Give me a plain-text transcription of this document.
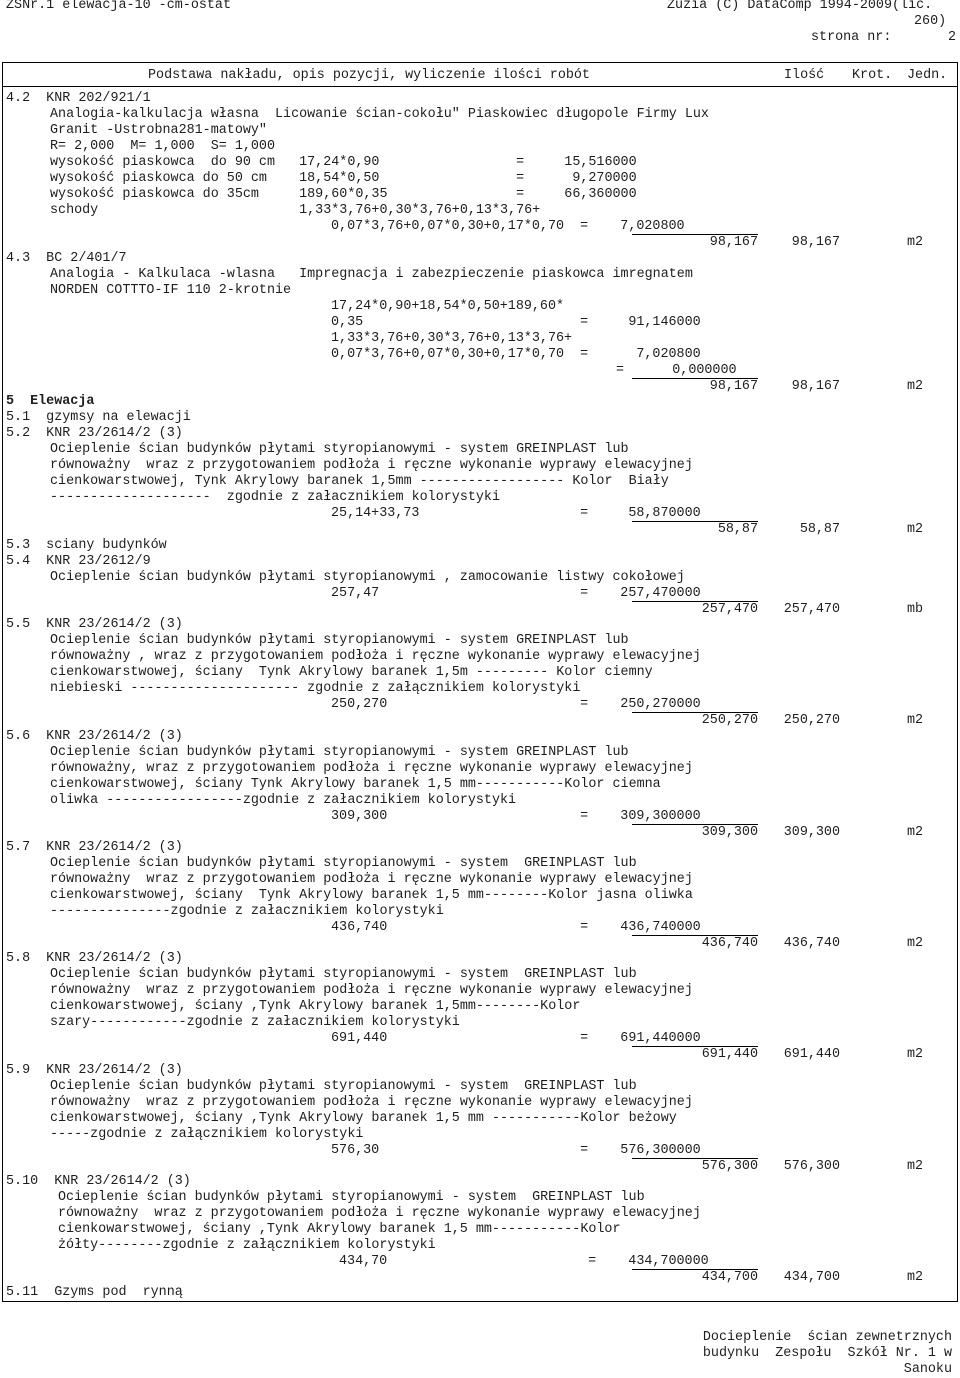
ZSNr.1 elewacja-10 -cm-ostat	Zuzia (C) DataComp 1994-2009(lic.
260)
strona nr:	2
Podstawa nakładu, opis pozycji, wyliczenie ilości robót	Ilość Krot. Jedn.
4.2  KNR 202/921/1
Analogia-kalkulacja własna  Licowanie ścian-cokołu" Piaskowiec długopole Firmy Lux
Granit -Ustrobna281-matowy"
R= 2,000  M= 1,000  S= 1,000
wysokość piaskowca  do 90 cm   17,24*0,90                 =     15,516000
wysokość piaskowca do 50 cm    18,54*0,50                 =      9,270000
wysokość piaskowca do 35cm     189,60*0,35                =     66,360000
schody                         1,33*3,76+0,30*3,76+0,13*3,76+
0,07*3,76+0,07*0,30+0,17*0,70  =    7,020800
98,167	98,167	m2
4.3  BC 2/401/7
Analogia - Kalkulaca -wlasna   Impregnacja i zabezpieczenie piaskowca imregnatem
NORDEN COTTTO-IF 110 2-krotnie
17,24*0,90+18,54*0,50+189,60*
0,35                           =     91,146000
1,33*3,76+0,30*3,76+0,13*3,76+
0,07*3,76+0,07*0,30+0,17*0,70  =      7,020800
=      0,000000
98,167	98,167	m2
5  Elewacja
5.1  gzymsy na elewacji
5.2  KNR 23/2614/2 (3)
Ocieplenie ścian budynków płytami styropianowymi - system GREINPLAST lub
równoważny  wraz z przygotowaniem podłoża i ręczne wykonanie wyprawy elewacyjnej
cienkowarstwowej, Tynk Akrylowy baranek 1,5mm ------------------ Kolor  Biały
--------------------  zgodnie z załacznikiem kolorystyki
25,14+33,73                    =     58,870000
58,87	58,87	m2
5.3  sciany budynków
5.4  KNR 23/2612/9
Ocieplenie ścian budynków płytami styropianowymi , zamocowanie listwy cokołowej
257,47                         =    257,470000
257,470 257,470	mb
5.5  KNR 23/2614/2 (3)
Ocieplenie ścian budynków płytami styropianowymi - system GREINPLAST lub
równoważny , wraz z przygotowaniem podłoża i ręczne wykonanie wyprawy elewacyjnej
cienkowarstwowej, ściany  Tynk Akrylowy baranek 1,5m --------- Kolor ciemny
niebieski --------------------- zgodnie z załącznikiem kolorystyki
250,270                        =    250,270000
250,270 250,270	m2
5.6  KNR 23/2614/2 (3)
Ocieplenie ścian budynków płytami styropianowymi - system GREINPLAST lub
równoważny, wraz z przygotowaniem podłoża i ręczne wykonanie wyprawy elewacyjnej
cienkowarstwowej, ściany Tynk Akrylowy baranek 1,5 mm-----------Kolor ciemna
oliwka -----------------zgodnie z załacznikiem kolorystyki
309,300                        =    309,300000
309,300 309,300	m2
5.7  KNR 23/2614/2 (3)
Ocieplenie ścian budynków płytami styropianowymi - system  GREINPLAST lub
równoważny  wraz z przygotowaniem podłoża i ręczne wykonanie wyprawy elewacyjnej
cienkowarstwowej, ściany  Tynk Akrylowy baranek 1,5 mm--------Kolor jasna oliwka
---------------zgodnie z załacznikiem kolorystyki
436,740                        =    436,740000
436,740 436,740	m2
5.8  KNR 23/2614/2 (3)
Ocieplenie ścian budynków płytami styropianowymi - system  GREINPLAST lub
równoważny  wraz z przygotowaniem podłoża i ręczne wykonanie wyprawy elewacyjnej
cienkowarstwowej, ściany ,Tynk Akrylowy baranek 1,5mm--------Kolor
szary------------zgodnie z załacznikiem kolorystyki
691,440                        =    691,440000
691,440 691,440	m2
5.9  KNR 23/2614/2 (3)
Ocieplenie ścian budynków płytami styropianowymi - system  GREINPLAST lub
równoważny  wraz z przygotowaniem podłoża i ręczne wykonanie wyprawy elewacyjnej
cienkowarstwowej, ściany ,Tynk Akrylowy baranek 1,5 mm -----------Kolor beżowy
-----zgodnie z załącznikiem kolorystyki
576,30                         =    576,300000
576,300 576,300	m2
5.10  KNR 23/2614/2 (3)
Ocieplenie ścian budynków płytami styropianowymi - system  GREINPLAST lub
równoważny  wraz z przygotowaniem podłoża i ręczne wykonanie wyprawy elewacyjnej
cienkowarstwowej, ściany ,Tynk Akrylowy baranek 1,5 mm-----------Kolor
żółty--------zgodnie z załącznikiem kolorystyki
434,70                         =    434,700000
434,700 434,700	m2
5.11  Gzyms pod  rynną
Docieplenie  ścian zewnetrznych
budynku  Zespołu  Szkół Nr. 1 w
Sanoku
